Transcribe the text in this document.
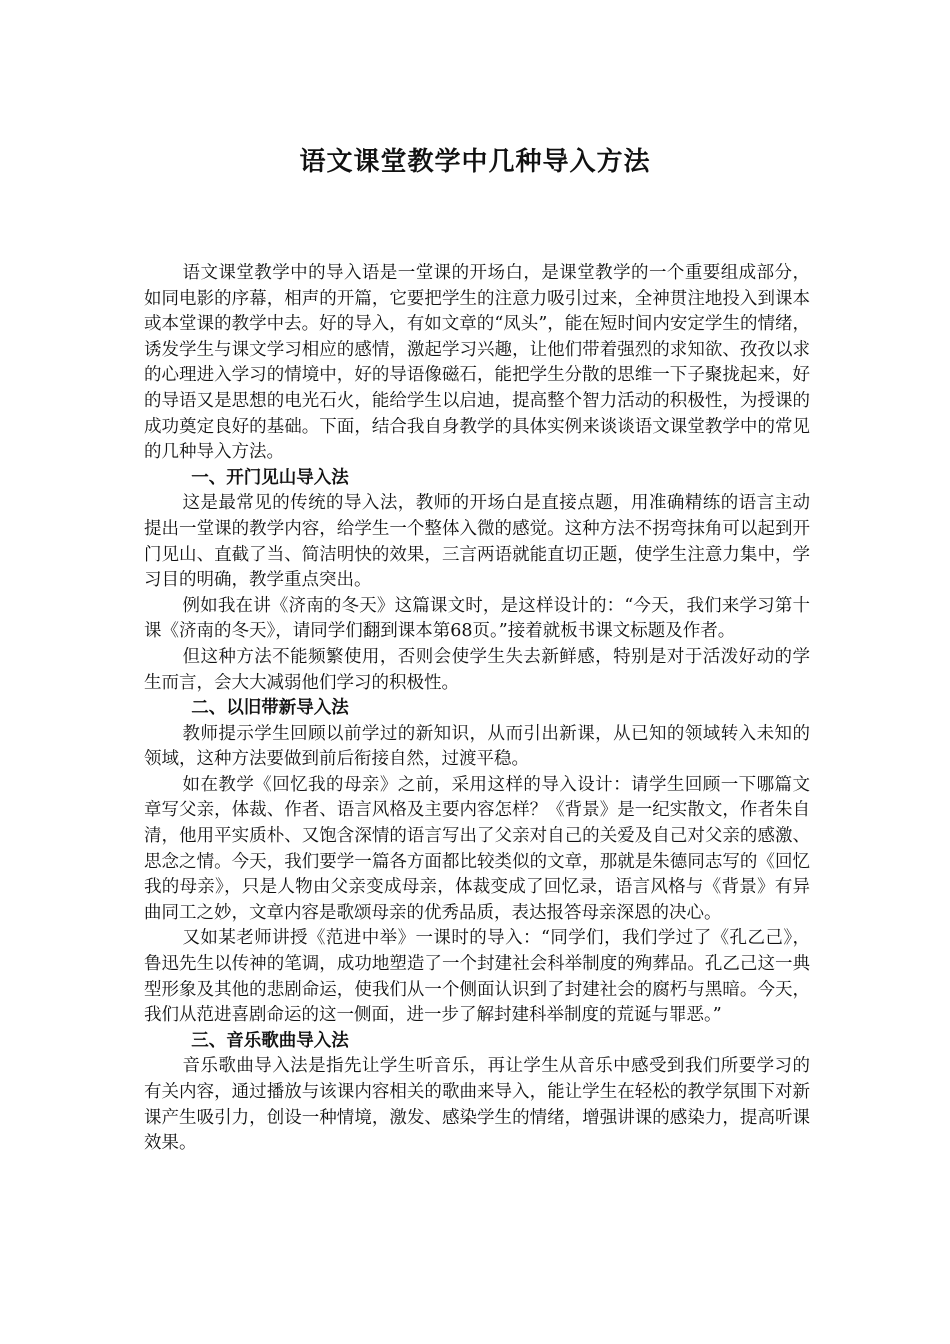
语文课堂教学中几种导入方法

语文课堂教学中的导入语是一堂课的开场白，是课堂教学的一个重要组成部分，如同电影的序幕，相声的开篇，它要把学生的注意力吸引过来，全神贯注地投入到课本或本堂课的教学中去。好的导入，有如文章的“凤头”，能在短时间内安定学生的情绪，诱发学生与课文学习相应的感情，激起学习兴趣，让他们带着强烈的求知欲、孜孜以求的心理进入学习的情境中，好的导语像磁石，能把学生分散的思维一下子聚拢起来，好的导语又是思想的电光石火，能给学生以启迪，提高整个智力活动的积极性，为授课的成功奠定良好的基础。下面，结合我自身教学的具体实例来谈谈语文课堂教学中的常见的几种导入方法。

一、开门见山导入法

这是最常见的传统的导入法，教师的开场白是直接点题，用准确精练的语言主动提出一堂课的教学内容，给学生一个整体入微的感觉。这种方法不拐弯抹角可以起到开门见山、直截了当、简洁明快的效果，三言两语就能直切正题，使学生注意力集中，学习目的明确，教学重点突出。

例如我在讲《济南的冬天》这篇课文时，是这样设计的：“今天，我们来学习第十课《济南的冬天》，请同学们翻到课本第68页。”接着就板书课文标题及作者。

但这种方法不能频繁使用，否则会使学生失去新鲜感，特别是对于活泼好动的学生而言，会大大减弱他们学习的积极性。

二、以旧带新导入法

教师提示学生回顾以前学过的新知识，从而引出新课，从已知的领域转入未知的领域，这种方法要做到前后衔接自然，过渡平稳。

如在教学《回忆我的母亲》之前，采用这样的导入设计：请学生回顾一下哪篇文章写父亲，体裁、作者、语言风格及主要内容怎样？《背景》是一纪实散文，作者朱自清，他用平实质朴、又饱含深情的语言写出了父亲对自己的关爱及自己对父亲的感激、思念之情。今天，我们要学一篇各方面都比较类似的文章，那就是朱德同志写的《回忆我的母亲》，只是人物由父亲变成母亲，体裁变成了回忆录，语言风格与《背景》有异曲同工之妙，文章内容是歌颂母亲的优秀品质，表达报答母亲深恩的决心。

又如某老师讲授《范进中举》一课时的导入：“同学们，我们学过了《孔乙己》，鲁迅先生以传神的笔调，成功地塑造了一个封建社会科举制度的殉葬品。孔乙己这一典型形象及其他的悲剧命运，使我们从一个侧面认识到了封建社会的腐朽与黑暗。今天，我们从范进喜剧命运的这一侧面，进一步了解封建科举制度的荒诞与罪恶。”

三、音乐歌曲导入法

音乐歌曲导入法是指先让学生听音乐，再让学生从音乐中感受到我们所要学习的有关内容，通过播放与该课内容相关的歌曲来导入，能让学生在轻松的教学氛围下对新课产生吸引力，创设一种情境，激发、感染学生的情绪，增强讲课的感染力，提高听课效果。
